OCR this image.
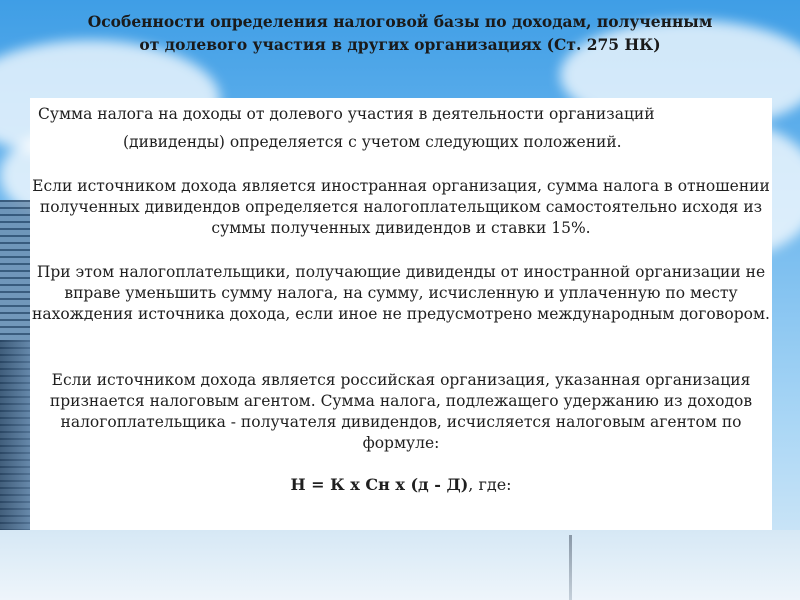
Особенности определения налоговой базы по доходам, полученным
от долевого участия в других организациях (Ст. 275 НК)
Сумма налога на доходы от долевого участия в деятельности организаций
(дивиденды) определяется с учетом следующих положений.
Если источником дохода является иностранная организация, сумма налога в отношении полученных дивидендов определяется налогоплательщиком самостоятельно исходя из суммы полученных дивидендов и ставки 15%.
При этом налогоплательщики, получающие дивиденды от иностранной организации не вправе уменьшить сумму налога, на сумму, исчисленную и уплаченную по месту нахождения источника дохода, если иное не предусмотрено международным договором.
Если источником дохода является российская организация, указанная организация признается налоговым агентом. Сумма налога, подлежащего удержанию из доходов налогоплательщика - получателя дивидендов, исчисляется налоговым агентом по формуле:
Н = К х Сн х (д - Д), где:
